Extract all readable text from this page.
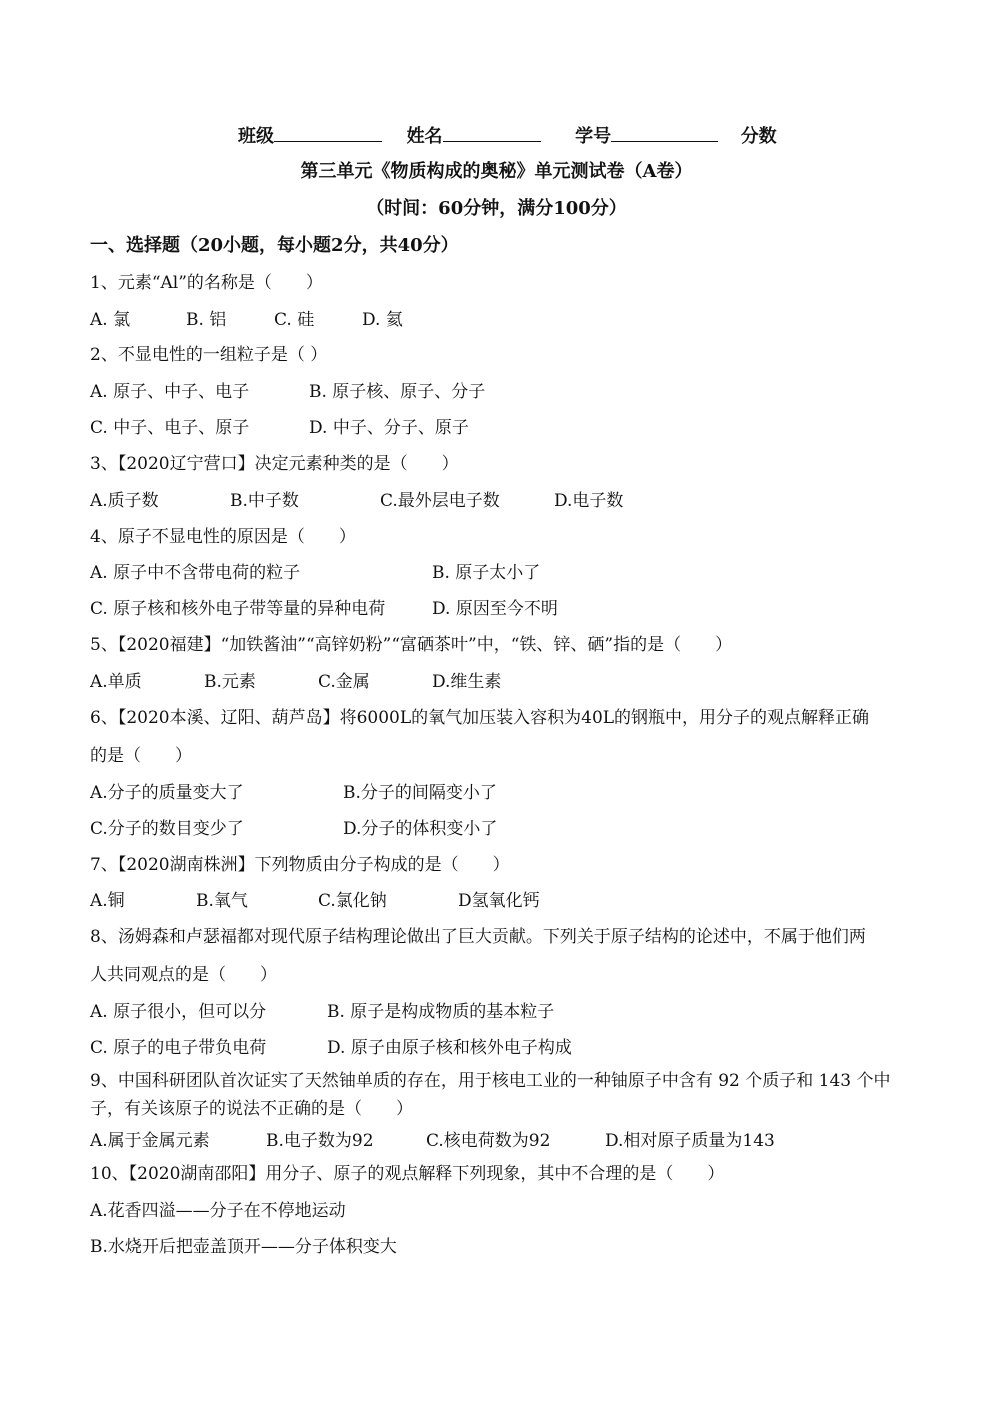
班级	姓名	学号	分数
第三单元《物质构成的奥秘》单元测试卷（A卷）
（时间：60分钟，满分100分）
一、选择题（20小题，每小题2分，共40分）
1、元素“Al”的名称是（　　）
A. 氯	B. 铝	C. 硅	D. 氦
2、不显电性的一组粒子是（ ）
A. 原子、中子、电子	B. 原子核、原子、分子
C. 中子、电子、原子	D. 中子、分子、原子
3、【2020辽宁营口】决定元素种类的是（　　）
A.质子数	B.中子数	C.最外层电子数	D.电子数
4、原子不显电性的原因是（　　）
A. 原子中不含带电荷的粒子	B. 原子太小了
C. 原子核和核外电子带等量的异种电荷	D. 原因至今不明
5、【2020福建】“加铁酱油”“高锌奶粉”“富硒茶叶”中，“铁、锌、硒”指的是（　　）
A.单质	B.元素	C.金属	D.维生素
6、【2020本溪、辽阳、葫芦岛】将6000L的氧气加压装入容积为40L的钢瓶中，用分子的观点解释正确
的是（　　）
A.分子的质量变大了	B.分子的间隔变小了
C.分子的数目变少了	D.分子的体积变小了
7、【2020湖南株洲】下列物质由分子构成的是（　　）
A.铜	B.氧气	C.氯化钠	D氢氧化钙
8、汤姆森和卢瑟福都对现代原子结构理论做出了巨大贡献。下列关于原子结构的论述中，不属于他们两
人共同观点的是（　　）
A. 原子很小，但可以分	B. 原子是构成物质的基本粒子
C. 原子的电子带负电荷	D. 原子由原子核和核外电子构成
9、中国科研团队首次证实了天然铀单质的存在，用于核电工业的一种铀原子中含有 92 个质子和 143 个中
子，有关该原子的说法不正确的是（　　）
A.属于金属元素	B.电子数为92	C.核电荷数为92	D.相对原子质量为143
10、【2020湖南邵阳】用分子、原子的观点解释下列现象，其中不合理的是（　　）
A.花香四溢——分子在不停地运动
B.水烧开后把壶盖顶开——分子体积变大
